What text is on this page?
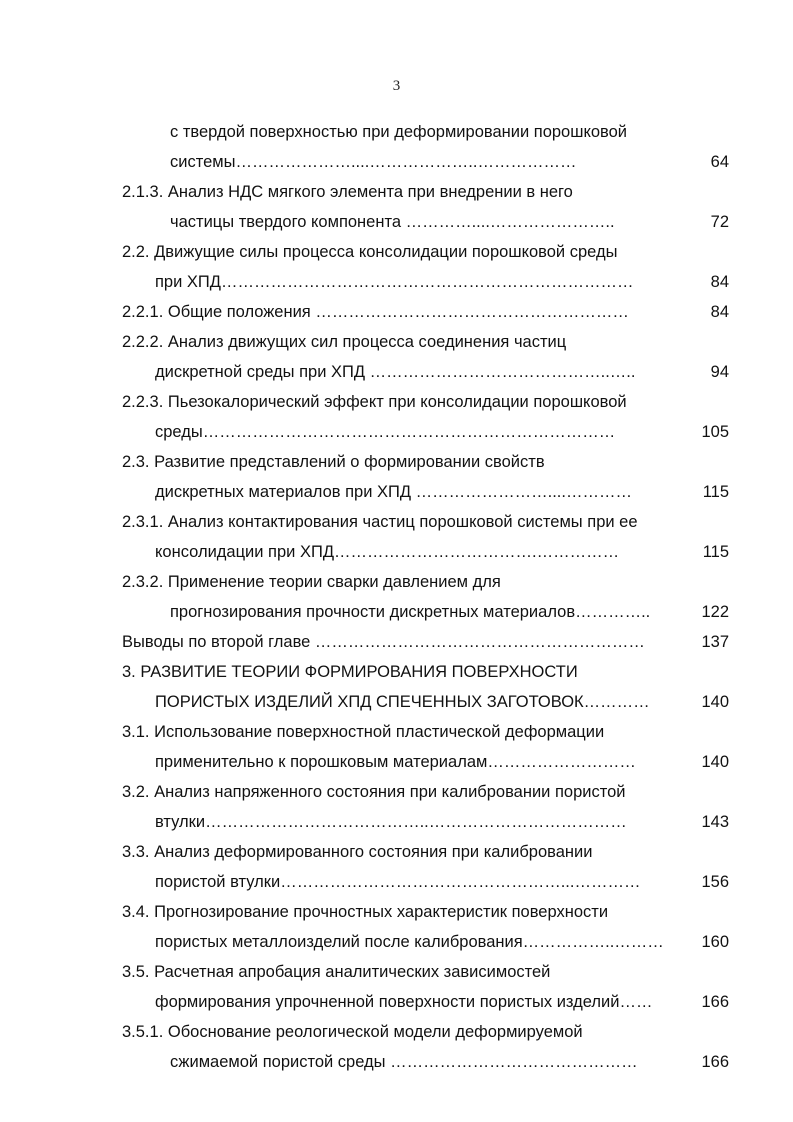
3
с твердой поверхностью при деформировании порошковой
системы…………………....………………..………………	64
2.1.3. Анализ НДС мягкого элемента при внедрении в него
частицы твердого компонента …………....…………………..	72
2.2. Движущие силы процесса консолидации порошковой среды
при ХПД…………………………………………………………………	84
2.2.1. Общие положения …………………………………………………	84
2.2.2. Анализ движущих сил процесса соединения частиц
дискретной среды при ХПД ……………………………………..…..	94
2.2.3. Пьезокалорический эффект при консолидации порошковой
среды…………………………………………………………………	105
2.3. Развитие представлений о формировании свойств
дискретных материалов при ХПД ……………………....…………	115
2.3.1. Анализ контактирования частиц порошковой системы при ее
консолидации при ХПД……………………………….……………	115
2.3.2. Применение теории сварки давлением для
прогнозирования прочности дискретных материалов…………..	122
Выводы по второй главе ……………………………………………………	137
3. РАЗВИТИЕ ТЕОРИИ ФОРМИРОВАНИЯ ПОВЕРХНОСТИ
ПОРИСТЫХ ИЗДЕЛИЙ ХПД СПЕЧЕННЫХ ЗАГОТОВОК…………	140
3.1. Использование поверхностной пластической деформации
применительно к порошковым материалам………………………	140
3.2. Анализ напряженного состояния при калибровании пористой
втулки…………………………………..………………………………	143
3.3. Анализ деформированного состояния при калибровании
пористой втулки……………………………………………...…………	156
3.4. Прогнозирование прочностных характеристик поверхности
пористых металлоизделий после калибрования……………..………	160
3.5. Расчетная апробация аналитических зависимостей
формирования упрочненной поверхности пористых изделий……	166
3.5.1. Обоснование реологической модели деформируемой
сжимаемой пористой среды ………………………………………	166
